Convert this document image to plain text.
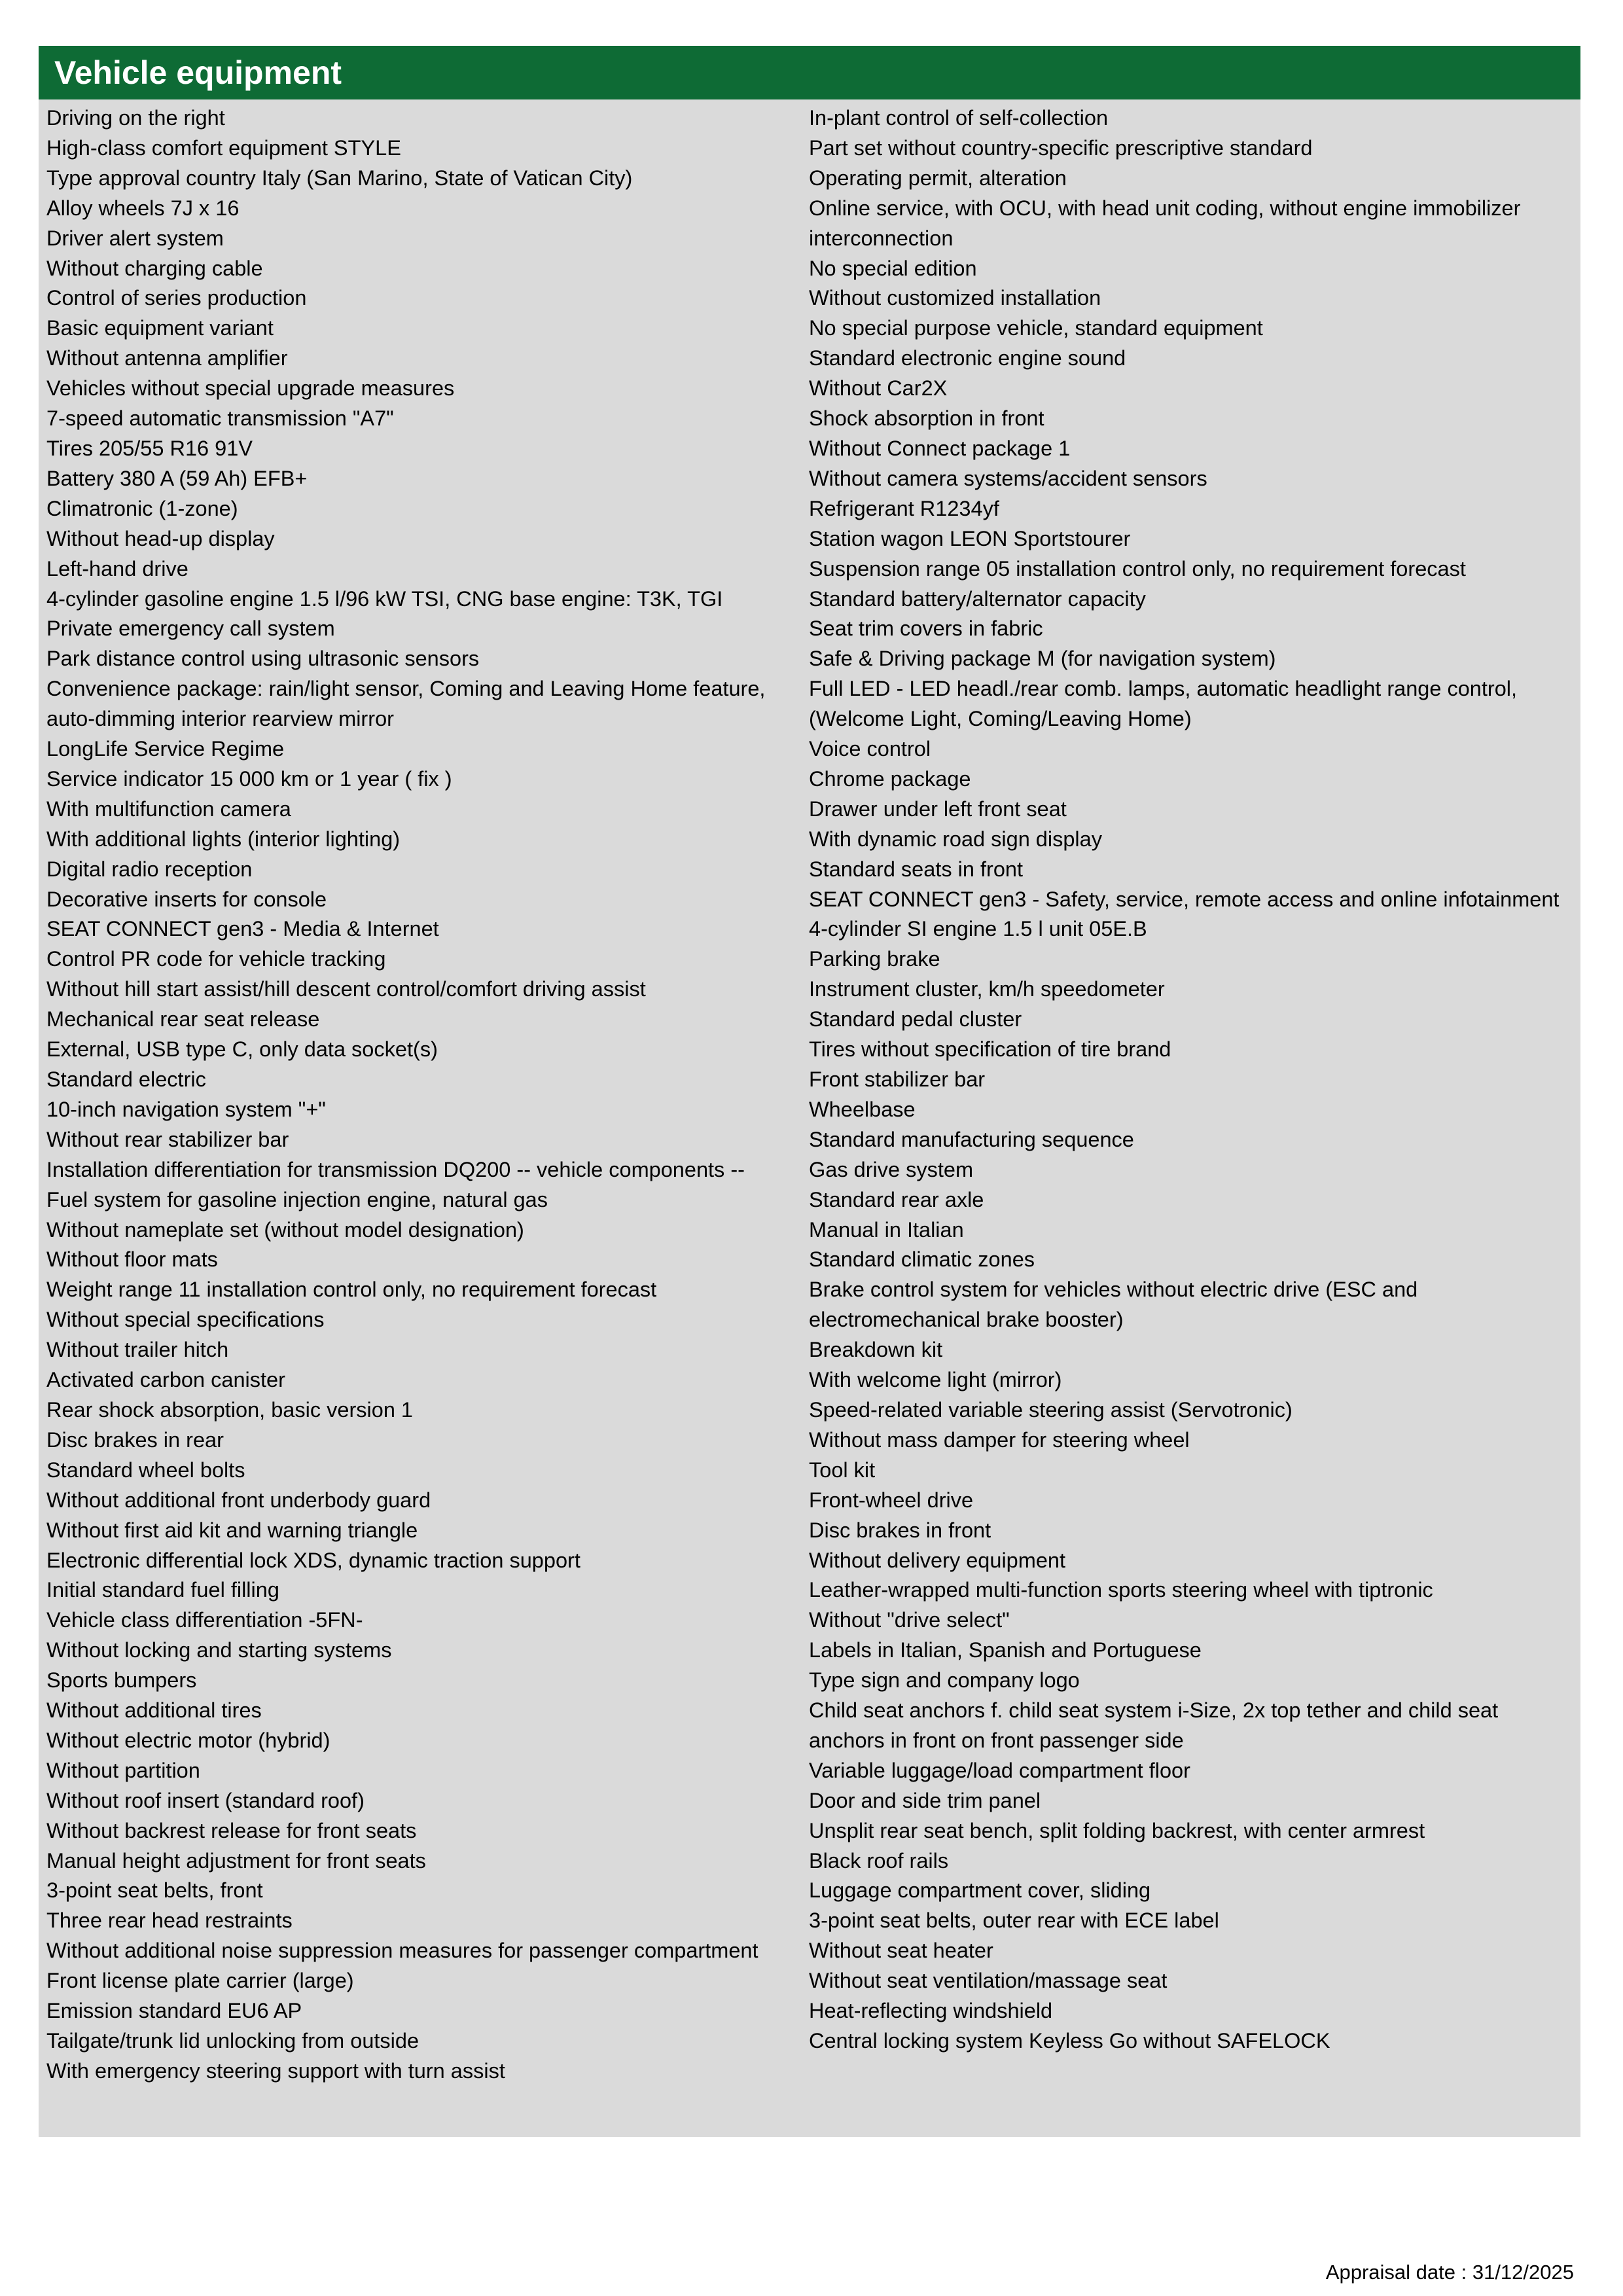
Vehicle equipment
Driving on the right
High-class comfort equipment STYLE
Type approval country Italy (San Marino, State of Vatican City)
Alloy wheels 7J x 16
Driver alert system
Without charging cable
Control of series production
Basic equipment variant
Without antenna amplifier
Vehicles without special upgrade measures
7-speed automatic transmission "A7"
Tires 205/55 R16 91V
Battery 380 A (59 Ah) EFB+
Climatronic (1-zone)
Without head-up display
Left-hand drive
4-cylinder gasoline engine 1.5 l/96 kW TSI, CNG base engine: T3K, TGI
Private emergency call system
Park distance control using ultrasonic sensors
Convenience package: rain/light sensor, Coming and Leaving Home feature, auto-dimming interior rearview mirror
LongLife Service Regime
Service indicator 15 000 km or 1 year ( fix )
With multifunction camera
With additional lights (interior lighting)
Digital radio reception
Decorative inserts for console
SEAT CONNECT gen3 - Media & Internet
Control PR code for vehicle tracking
Without hill start assist/hill descent control/comfort driving assist
Mechanical rear seat release
External, USB type C, only data socket(s)
Standard electric
10-inch navigation system "+"
Without rear stabilizer bar
Installation differentiation for transmission DQ200 -- vehicle components --
Fuel system for gasoline injection engine, natural gas
Without nameplate set (without model designation)
Without floor mats
Weight range 11 installation control only, no requirement forecast
Without special specifications
Without trailer hitch
Activated carbon canister
Rear shock absorption, basic version 1
Disc brakes in rear
Standard wheel bolts
Without additional front underbody guard
Without first aid kit and warning triangle
Electronic differential lock XDS, dynamic traction support
Initial standard fuel filling
Vehicle class differentiation -5FN-
Without locking and starting systems
Sports bumpers
Without additional tires
Without electric motor (hybrid)
Without partition
Without roof insert (standard roof)
Without backrest release for front seats
Manual height adjustment for front seats
3-point seat belts, front
Three rear head restraints
Without additional noise suppression measures for passenger compartment
Front license plate carrier (large)
Emission standard EU6 AP
Tailgate/trunk lid unlocking from outside
With emergency steering support with turn assist
In-plant control of self-collection
Part set without country-specific prescriptive standard
Operating permit, alteration
Online service, with OCU, with head unit coding, without engine immobilizer interconnection
No special edition
Without customized installation
No special purpose vehicle, standard equipment
Standard electronic engine sound
Without Car2X
Shock absorption in front
Without Connect package 1
Without camera systems/accident sensors
Refrigerant R1234yf
Station wagon LEON Sportstourer
Suspension range 05 installation control only, no requirement forecast
Standard battery/alternator capacity
Seat trim covers in fabric
Safe & Driving package M (for navigation system)
Full LED - LED headl./rear comb. lamps, automatic headlight range control, (Welcome Light, Coming/Leaving Home)
Voice control
Chrome package
Drawer under left front seat
With dynamic road sign display
Standard seats in front
SEAT CONNECT gen3 - Safety, service, remote access and online infotainment
4-cylinder SI engine 1.5 l unit 05E.B
Parking brake
Instrument cluster, km/h speedometer
Standard pedal cluster
Tires without specification of tire brand
Front stabilizer bar
Wheelbase
Standard manufacturing sequence
Gas drive system
Standard rear axle
Manual in Italian
Standard climatic zones
Brake control system for vehicles without electric drive (ESC and electromechanical brake booster)
Breakdown kit
With welcome light (mirror)
Speed-related variable steering assist (Servotronic)
Without mass damper for steering wheel
Tool kit
Front-wheel drive
Disc brakes in front
Without delivery equipment
Leather-wrapped multi-function sports steering wheel with tiptronic
Without "drive select"
Labels in Italian, Spanish and Portuguese
Type sign and company logo
Child seat anchors f. child seat system i-Size, 2x top tether and child seat anchors in front on front passenger side
Variable luggage/load compartment floor
Door and side trim panel
Unsplit rear seat bench, split folding backrest, with center armrest
Black roof rails
Luggage compartment cover, sliding
3-point seat belts, outer rear with ECE label
Without seat heater
Without seat ventilation/massage seat
Heat-reflecting windshield
Central locking system Keyless Go without SAFELOCK
Appraisal date : 31/12/2025
